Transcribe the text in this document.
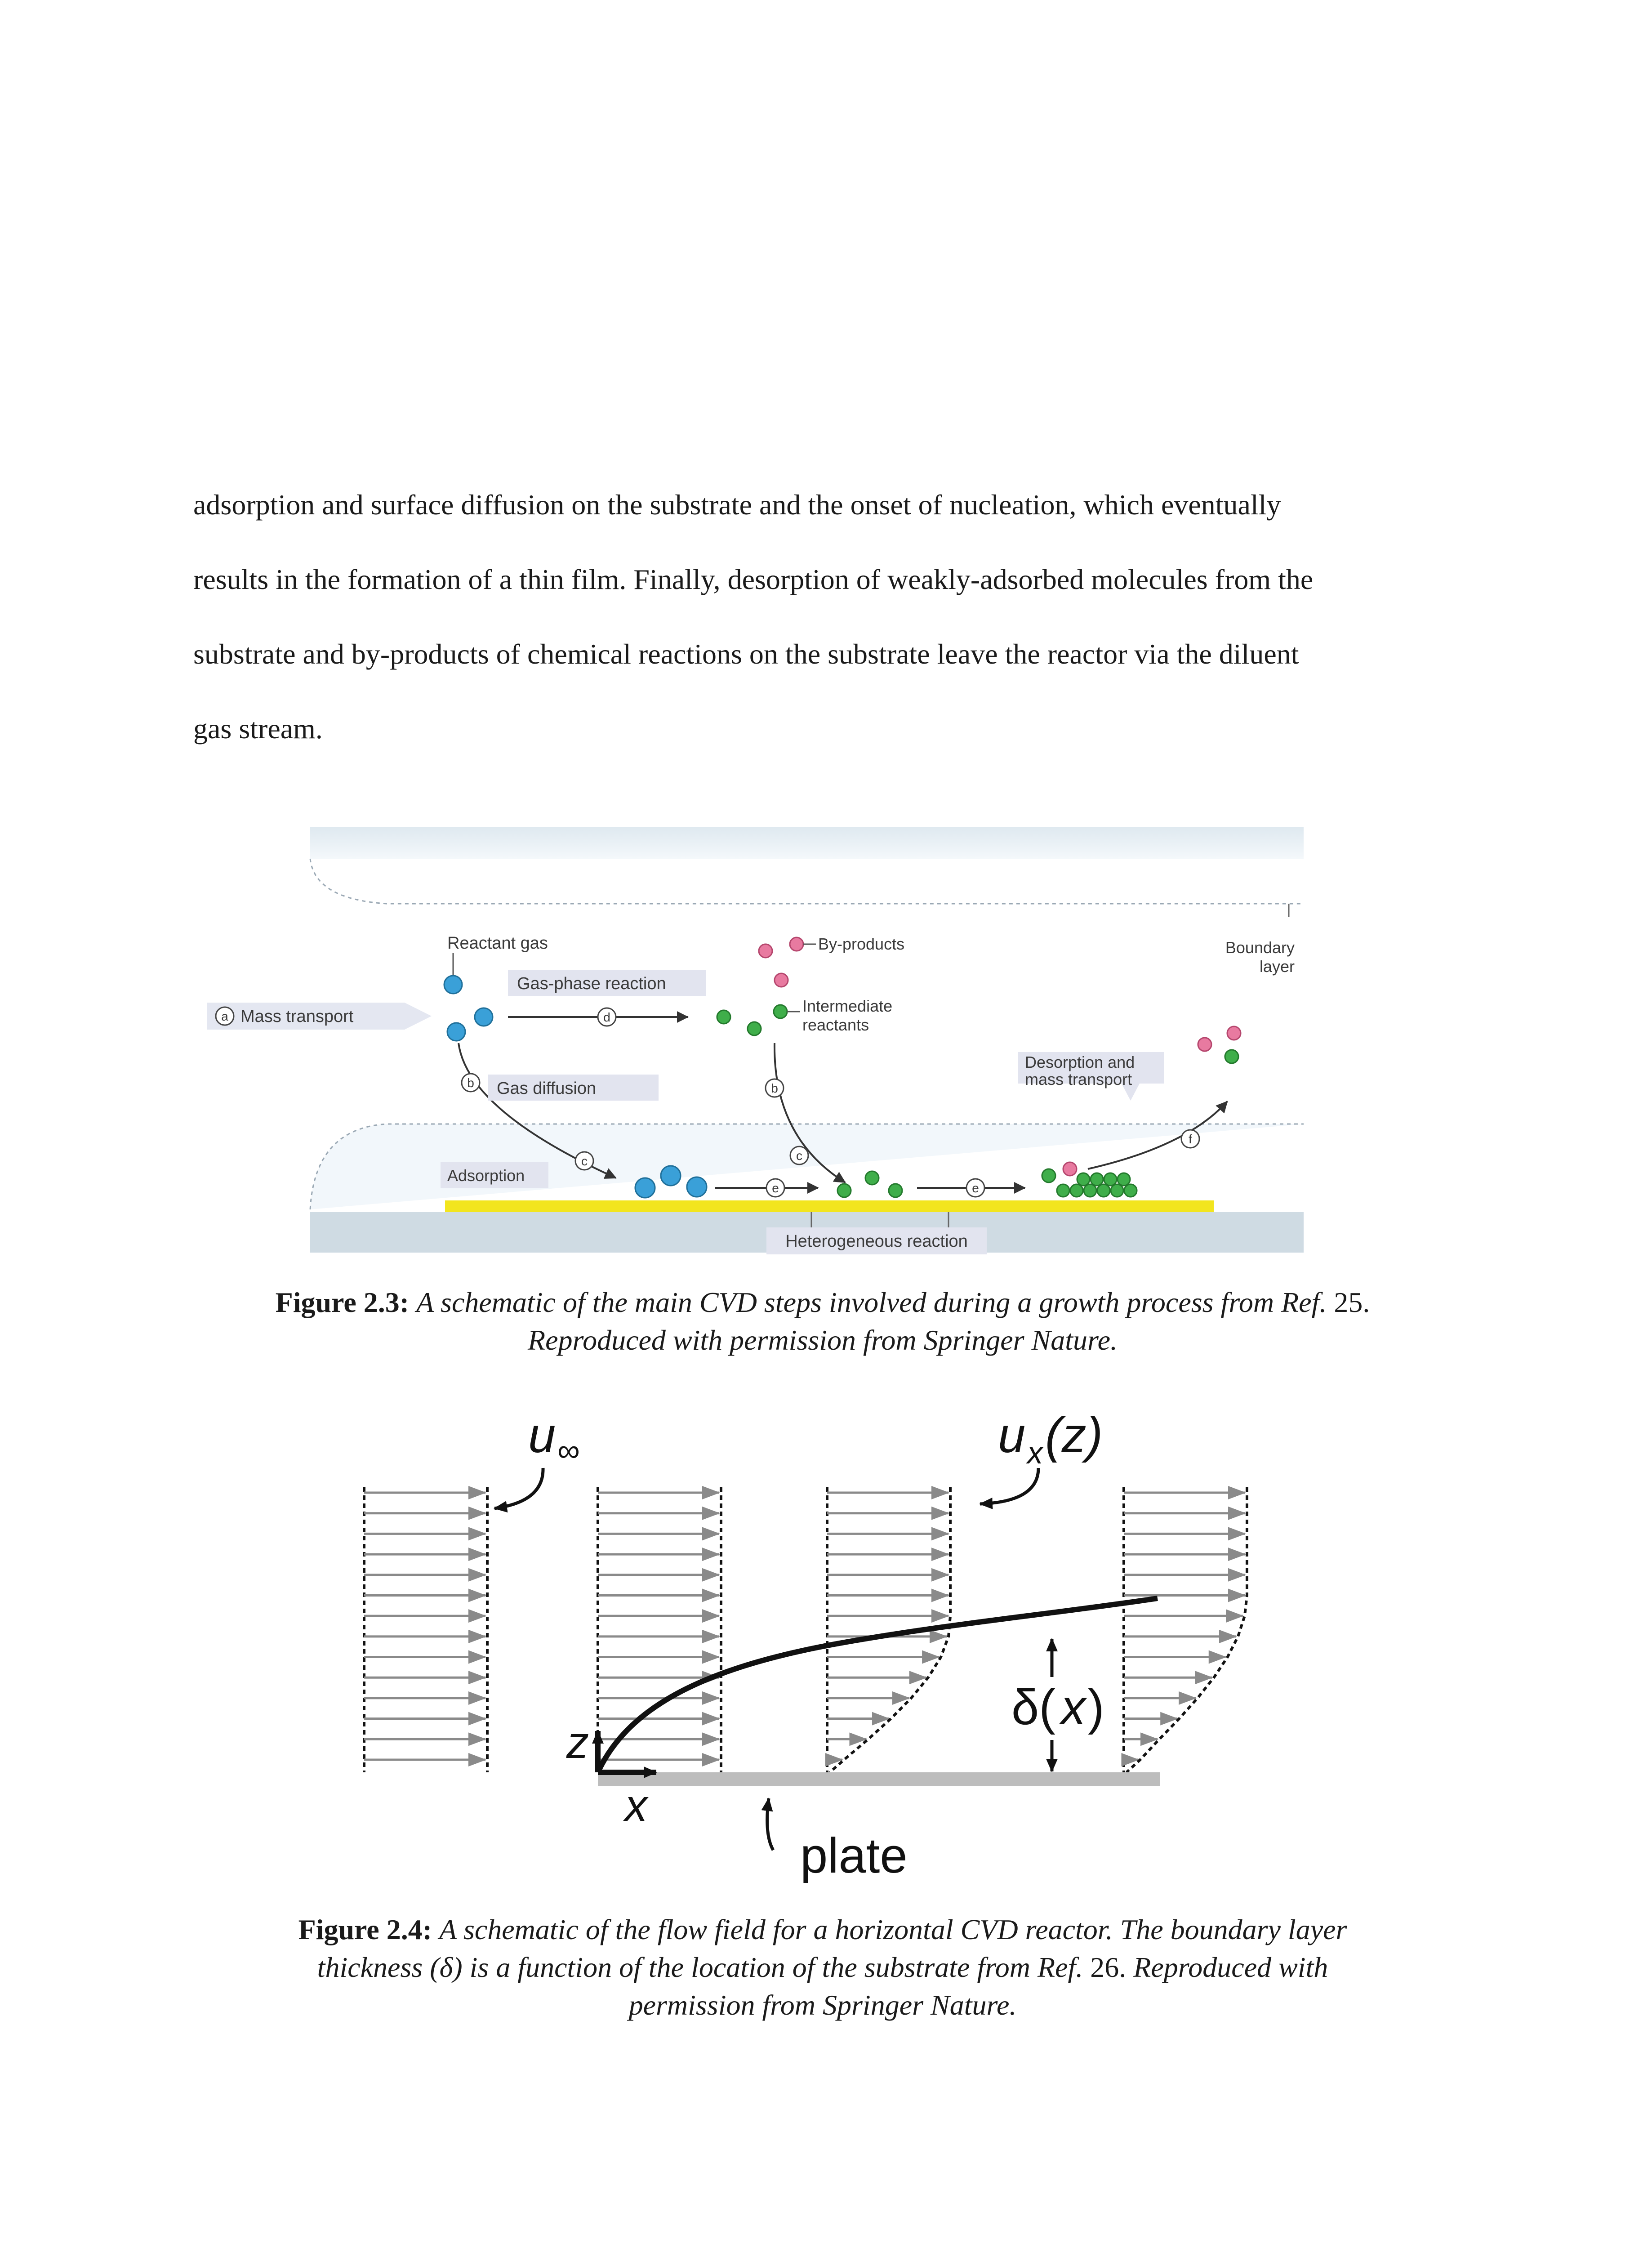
adsorption and surface diffusion on the substrate and the onset of nucleation, which eventually

results in the formation of a thin film. Finally, desorption of weakly-adsorbed molecules from the

substrate and by-products of chemical reactions on the substrate leave the reactor via the diluent

gas stream.

a Mass transport
Reactant gas
Gas-phase reaction
d
Intermediate
reactants
By-products	Boundary
layer
b Gas diffusion
c
Adsorption
e
b
c
e
f
Desorption and
mass transport
Heterogeneous reaction
Figure 2.3: A schematic of the main CVD steps involved during a growth process from Ref. 25.
Reproduced with permission from Springer Nature.
u ∞	u x (z)
δ( x )
z
x
plate
Figure 2.4: A schematic of the flow field for a horizontal CVD reactor. The boundary layer
thickness (δ) is a function of the location of the substrate from Ref. 26. Reproduced with
permission from Springer Nature.
